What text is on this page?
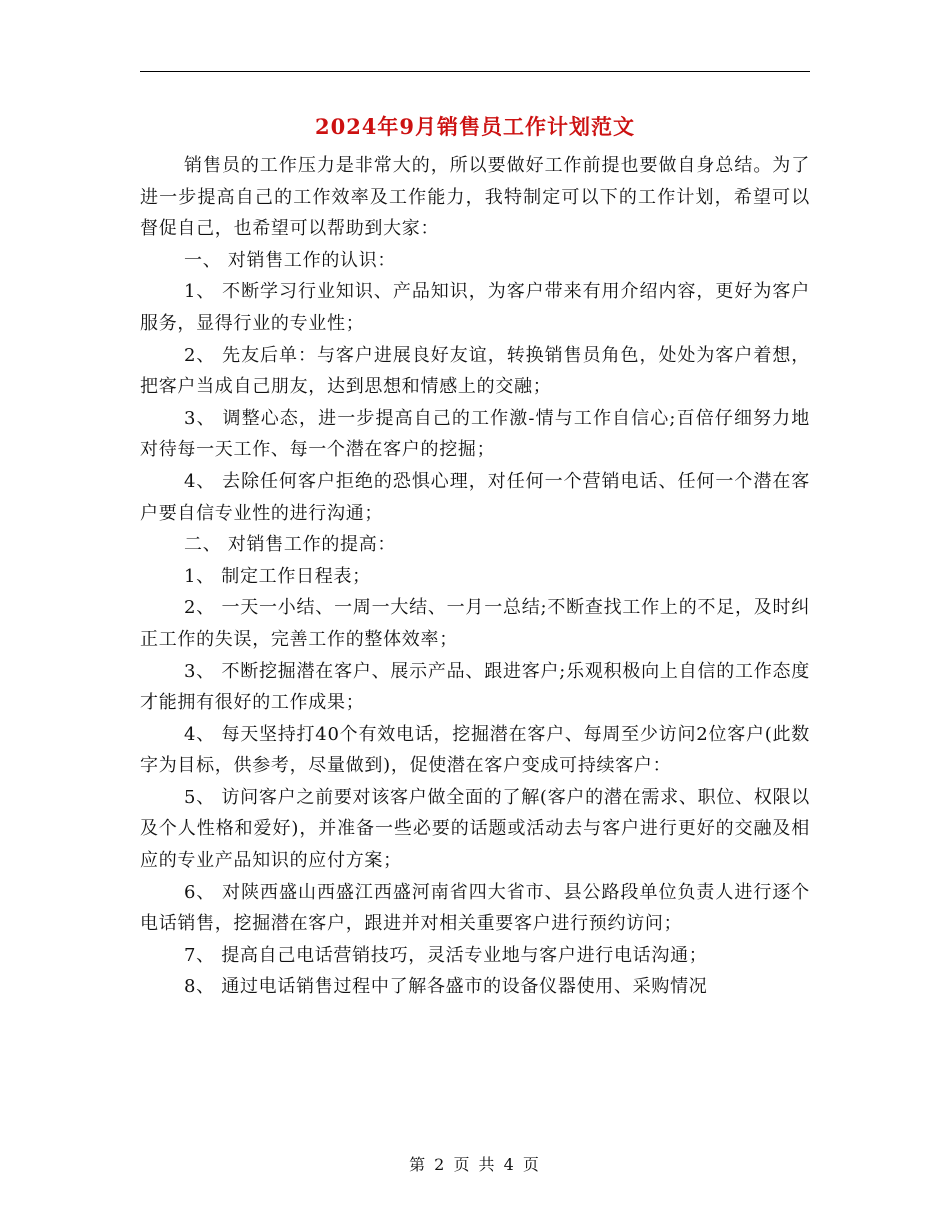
2024年9月销售员工作计划范文

销售员的工作压力是非常大的，所以要做好工作前提也要做自身总结。为了进一步提高自己的工作效率及工作能力，我特制定可以下的工作计划，希望可以督促自己，也希望可以帮助到大家：

一、 对销售工作的认识：

1、 不断学习行业知识、产品知识，为客户带来有用介绍内容，更好为客户服务，显得行业的专业性；

2、 先友后单：与客户进展良好友谊，转换销售员角色，处处为客户着想，把客户当成自己朋友，达到思想和情感上的交融；

3、 调整心态，进一步提高自己的工作激-情与工作自信心;百倍仔细努力地对待每一天工作、每一个潜在客户的挖掘；

4、 去除任何客户拒绝的恐惧心理，对任何一个营销电话、任何一个潜在客户要自信专业性的进行沟通；

二、 对销售工作的提高：

1、 制定工作日程表；

2、 一天一小结、一周一大结、一月一总结;不断查找工作上的不足，及时纠正工作的失误，完善工作的整体效率；

3、 不断挖掘潜在客户、展示产品、跟进客户;乐观积极向上自信的工作态度才能拥有很好的工作成果；

4、 每天坚持打40个有效电话，挖掘潜在客户、每周至少访问2位客户(此数字为目标，供参考，尽量做到)，促使潜在客户变成可持续客户：

5、 访问客户之前要对该客户做全面的了解(客户的潜在需求、职位、权限以及个人性格和爱好)，并准备一些必要的话题或活动去与客户进行更好的交融及相应的专业产品知识的应付方案；

6、 对陕西盛山西盛江西盛河南省四大省市、县公路段单位负责人进行逐个电话销售，挖掘潜在客户，跟进并对相关重要客户进行预约访问；

7、 提高自己电话营销技巧，灵活专业地与客户进行电话沟通；

8、 通过电话销售过程中了解各盛市的设备仪器使用、采购情况

第 2 页 共 4 页
